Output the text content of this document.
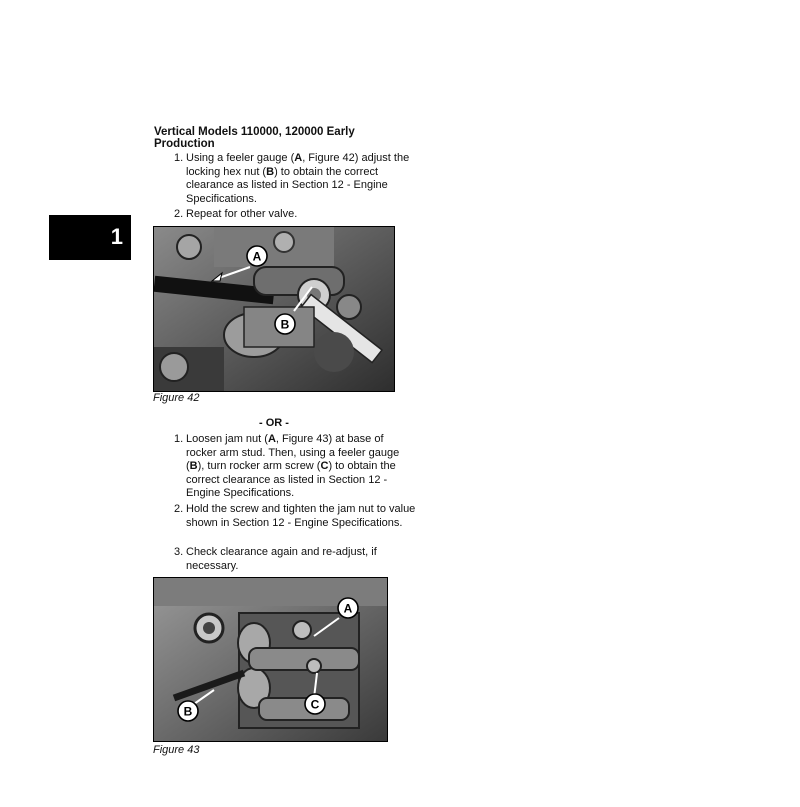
1
Vertical Models 110000, 120000 Early Production
1. Using a feeler gauge (A, Figure 42) adjust the locking hex nut (B) to obtain the correct clearance as listed in Section 12 - Engine Specifications.
2. Repeat for other valve.
A
B
Figure 42
- OR -
1. Loosen jam nut (A, Figure 43) at base of rocker arm stud. Then, using a feeler gauge (B), turn rocker arm screw (C) to obtain the correct clearance as listed in Section 12 - Engine Specifications.
2. Hold the screw and tighten the jam nut to value shown in Section 12 - Engine Specifications.
3. Check clearance again and re-adjust, if necessary.
A
B	C
Figure 43
